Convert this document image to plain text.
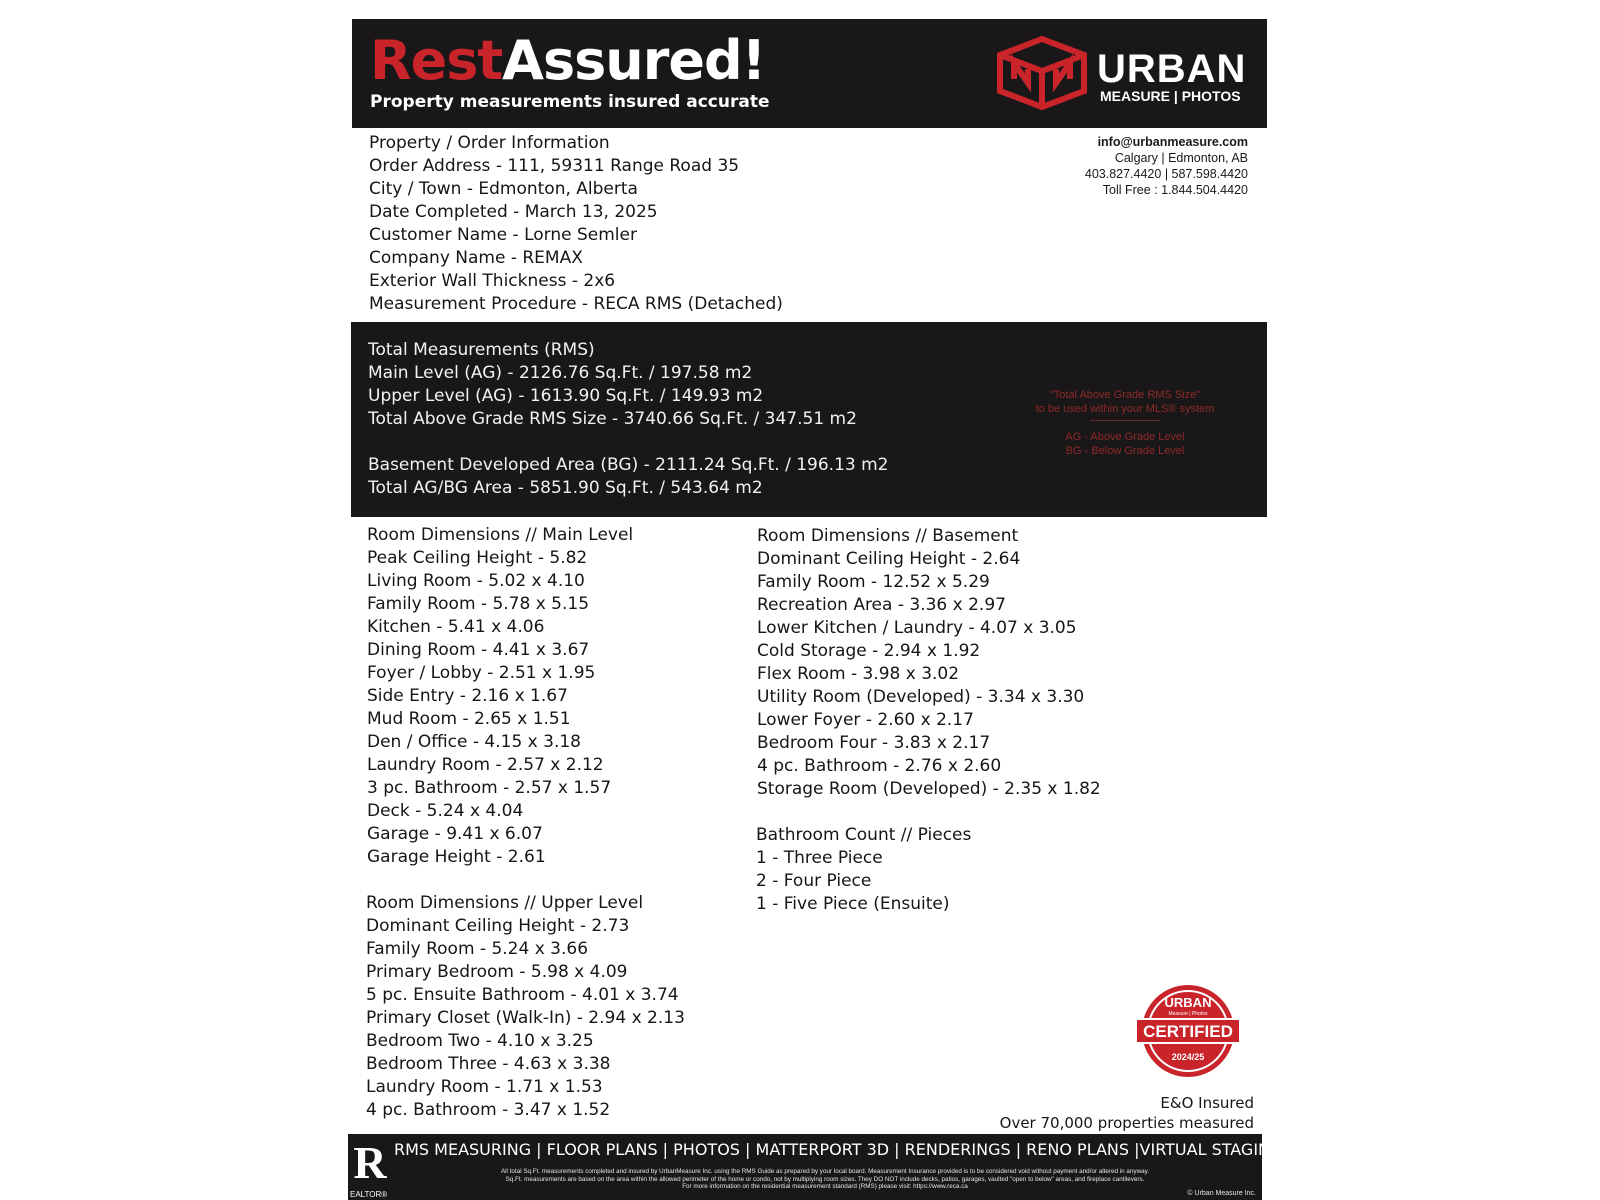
RestAssured!
Property measurements insured accurate
URBAN
MEASURE | PHOTOS
info@urbanmeasure.com
Calgary | Edmonton, AB
403.827.4420 | 587.598.4420
Toll Free : 1.844.504.4420
Property / Order Information
Order Address - 111, 59311 Range Road 35
City / Town - Edmonton, Alberta
Date Completed - March 13, 2025
Customer Name - Lorne Semler
Company Name - REMAX
Exterior Wall Thickness - 2x6
Measurement Procedure - RECA RMS (Detached)
Total Measurements (RMS)
Main Level (AG) - 2126.76 Sq.Ft. / 197.58 m2
Upper Level (AG) - 1613.90 Sq.Ft. / 149.93 m2
Total Above Grade RMS Size - 3740.66 Sq.Ft. / 347.51 m2
Basement Developed Area (BG) - 2111.24 Sq.Ft. / 196.13 m2
Total AG/BG Area - 5851.90 Sq.Ft. / 543.64 m2
"Total Above Grade RMS Size"
to be used within your MLS® system
AG - Above Grade Level
BG - Below Grade Level
Room Dimensions // Main Level
Peak Ceiling Height - 5.82
Living Room - 5.02 x 4.10
Family Room - 5.78 x 5.15
Kitchen - 5.41 x 4.06
Dining Room - 4.41 x 3.67
Foyer / Lobby - 2.51 x 1.95
Side Entry - 2.16 x 1.67
Mud Room - 2.65 x 1.51
Den / Office - 4.15 x 3.18
Laundry Room - 2.57 x 2.12
3 pc. Bathroom - 2.57 x 1.57
Deck - 5.24 x 4.04
Garage - 9.41 x 6.07
Garage Height - 2.61
Room Dimensions // Upper Level
Dominant Ceiling Height - 2.73
Family Room - 5.24 x 3.66
Primary Bedroom - 5.98 x 4.09
5 pc. Ensuite Bathroom - 4.01 x 3.74
Primary Closet (Walk-In) - 2.94 x 2.13
Bedroom Two - 4.10 x 3.25
Bedroom Three - 4.63 x 3.38
Laundry Room - 1.71 x 1.53
4 pc. Bathroom - 3.47 x 1.52
Room Dimensions // Basement
Dominant Ceiling Height - 2.64
Family Room - 12.52 x 5.29
Recreation Area - 3.36 x 2.97
Lower Kitchen / Laundry - 4.07 x 3.05
Cold Storage - 2.94 x 1.92
Flex Room - 3.98 x 3.02
Utility Room (Developed) - 3.34 x 3.30
Lower Foyer - 2.60 x 2.17
Bedroom Four - 3.83 x 2.17
4 pc. Bathroom - 2.76 x 2.60
Storage Room (Developed) - 2.35 x 1.82
Bathroom Count // Pieces
1 - Three Piece
2 - Four Piece
1 - Five Piece (Ensuite)
URBAN
Measure | Photos
CERTIFIED
2024/25
E&O Insured
Over 70,000 properties measured
R
EALTOR®
RMS MEASURING | FLOOR PLANS | PHOTOS | MATTERPORT 3D | RENDERINGS | RENO PLANS |VIRTUAL STAGING
All total Sq.Ft. measurements completed and insured by UrbanMeasure Inc. using the RMS Guide as prepared by your local board. Measurement Insurance provided is to be considered void without payment and/or altered in anyway.
Sq.Ft. measurements are based on the area within the allowed perimeter of the home or condo, not by multiplying room sizes. They DO NOT include decks, patios, garages, vaulted "open to below" areas, and fireplace cantilevers.
For more information on the residential measurement standard (RMS) please visit: https://www.reca.ca
© Urban Measure Inc.
